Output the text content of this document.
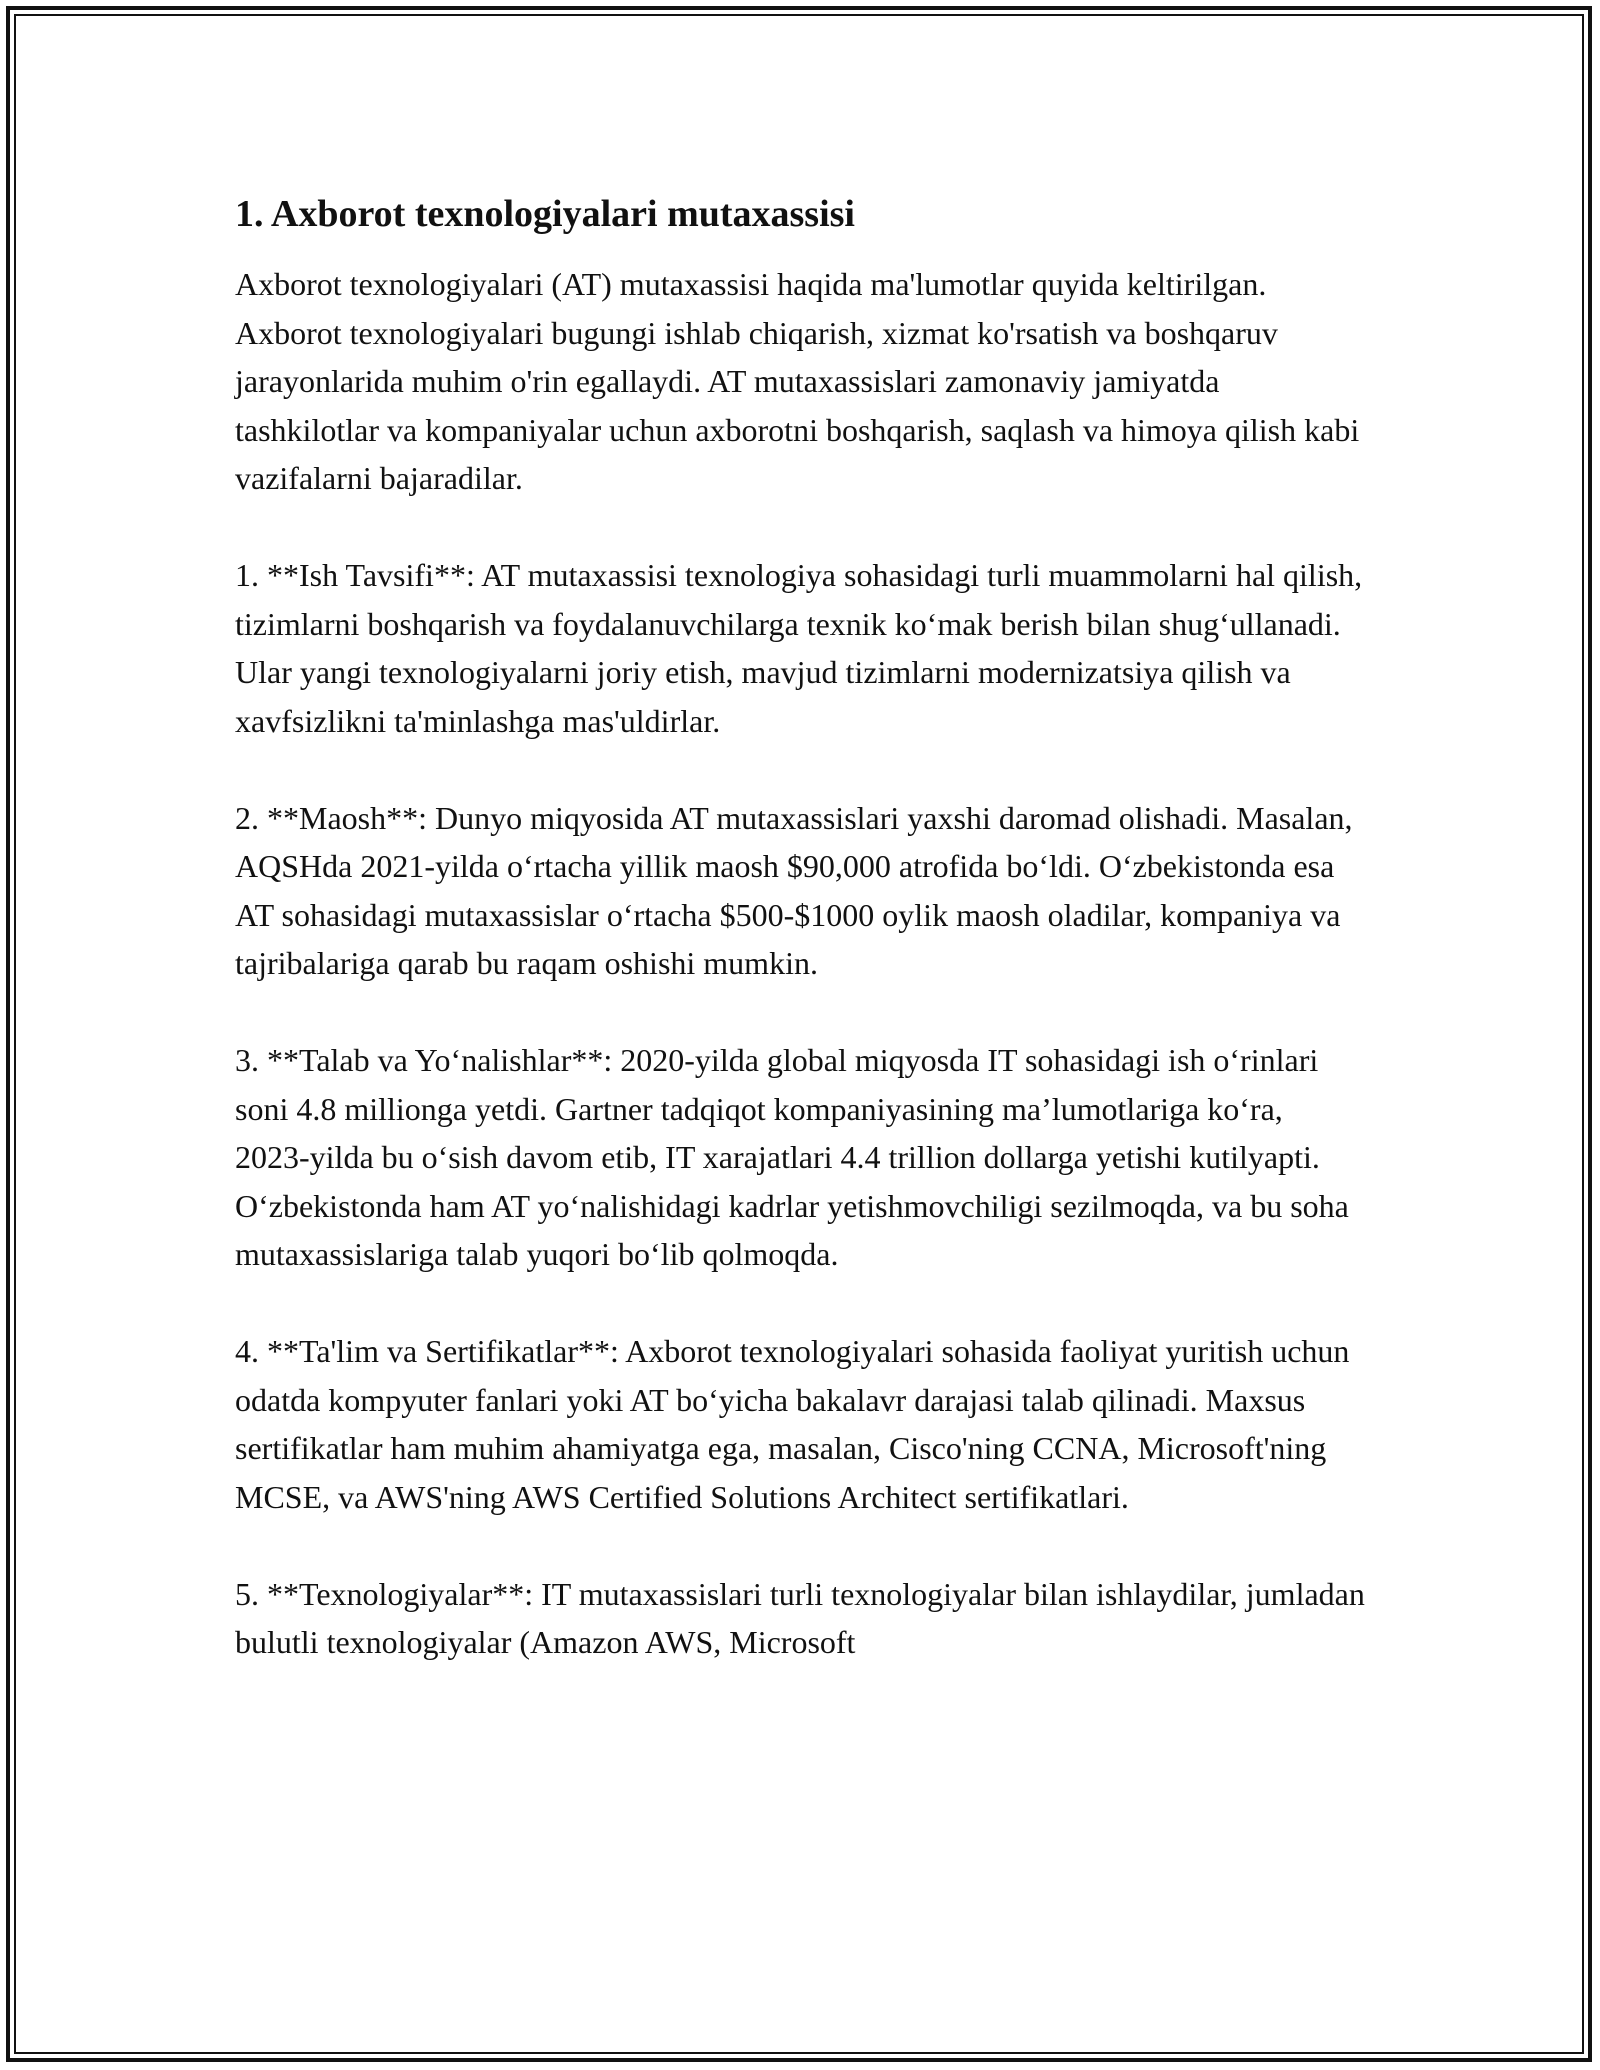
1. Axborot texnologiyalari mutaxassisi

Axborot texnologiyalari (AT) mutaxassisi haqida ma'lumotlar quyida keltirilgan. Axborot texnologiyalari bugungi ishlab chiqarish, xizmat ko'rsatish va boshqaruv jarayonlarida muhim o'rin egallaydi. AT mutaxassislari zamonaviy jamiyatda tashkilotlar va kompaniyalar uchun axborotni boshqarish, saqlash va himoya qilish kabi vazifalarni bajaradilar.

1. **Ish Tavsifi**: AT mutaxassisi texnologiya sohasidagi turli muammolarni hal qilish, tizimlarni boshqarish va foydalanuvchilarga texnik ko‘mak berish bilan shug‘ullanadi. Ular yangi texnologiyalarni joriy etish, mavjud tizimlarni modernizatsiya qilish va xavfsizlikni ta'minlashga mas'uldirlar.

2. **Maosh**: Dunyo miqyosida AT mutaxassislari yaxshi daromad olishadi. Masalan, AQSHda 2021-yilda o‘rtacha yillik maosh $90,000 atrofida bo‘ldi. O‘zbekistonda esa AT sohasidagi mutaxassislar o‘rtacha $500-$1000 oylik maosh oladilar, kompaniya va tajribalariga qarab bu raqam oshishi mumkin.

3. **Talab va Yo‘nalishlar**: 2020-yilda global miqyosda IT sohasidagi ish o‘rinlari soni 4.8 millionga yetdi. Gartner tadqiqot kompaniyasining ma’lumotlariga ko‘ra, 2023-yilda bu o‘sish davom etib, IT xarajatlari 4.4 trillion dollarga yetishi kutilyapti. O‘zbekistonda ham AT yo‘nalishidagi kadrlar yetishmovchiligi sezilmoqda, va bu soha mutaxassislariga talab yuqori bo‘lib qolmoqda.

4. **Ta'lim va Sertifikatlar**: Axborot texnologiyalari sohasida faoliyat yuritish uchun odatda kompyuter fanlari yoki AT bo‘yicha bakalavr darajasi talab qilinadi. Maxsus sertifikatlar ham muhim ahamiyatga ega, masalan, Cisco'ning CCNA, Microsoft'ning MCSE, va AWS'ning AWS Certified Solutions Architect sertifikatlari.

5. **Texnologiyalar**: IT mutaxassislari turli texnologiyalar bilan ishlaydilar, jumladan bulutli texnologiyalar (Amazon AWS, Microsoft
